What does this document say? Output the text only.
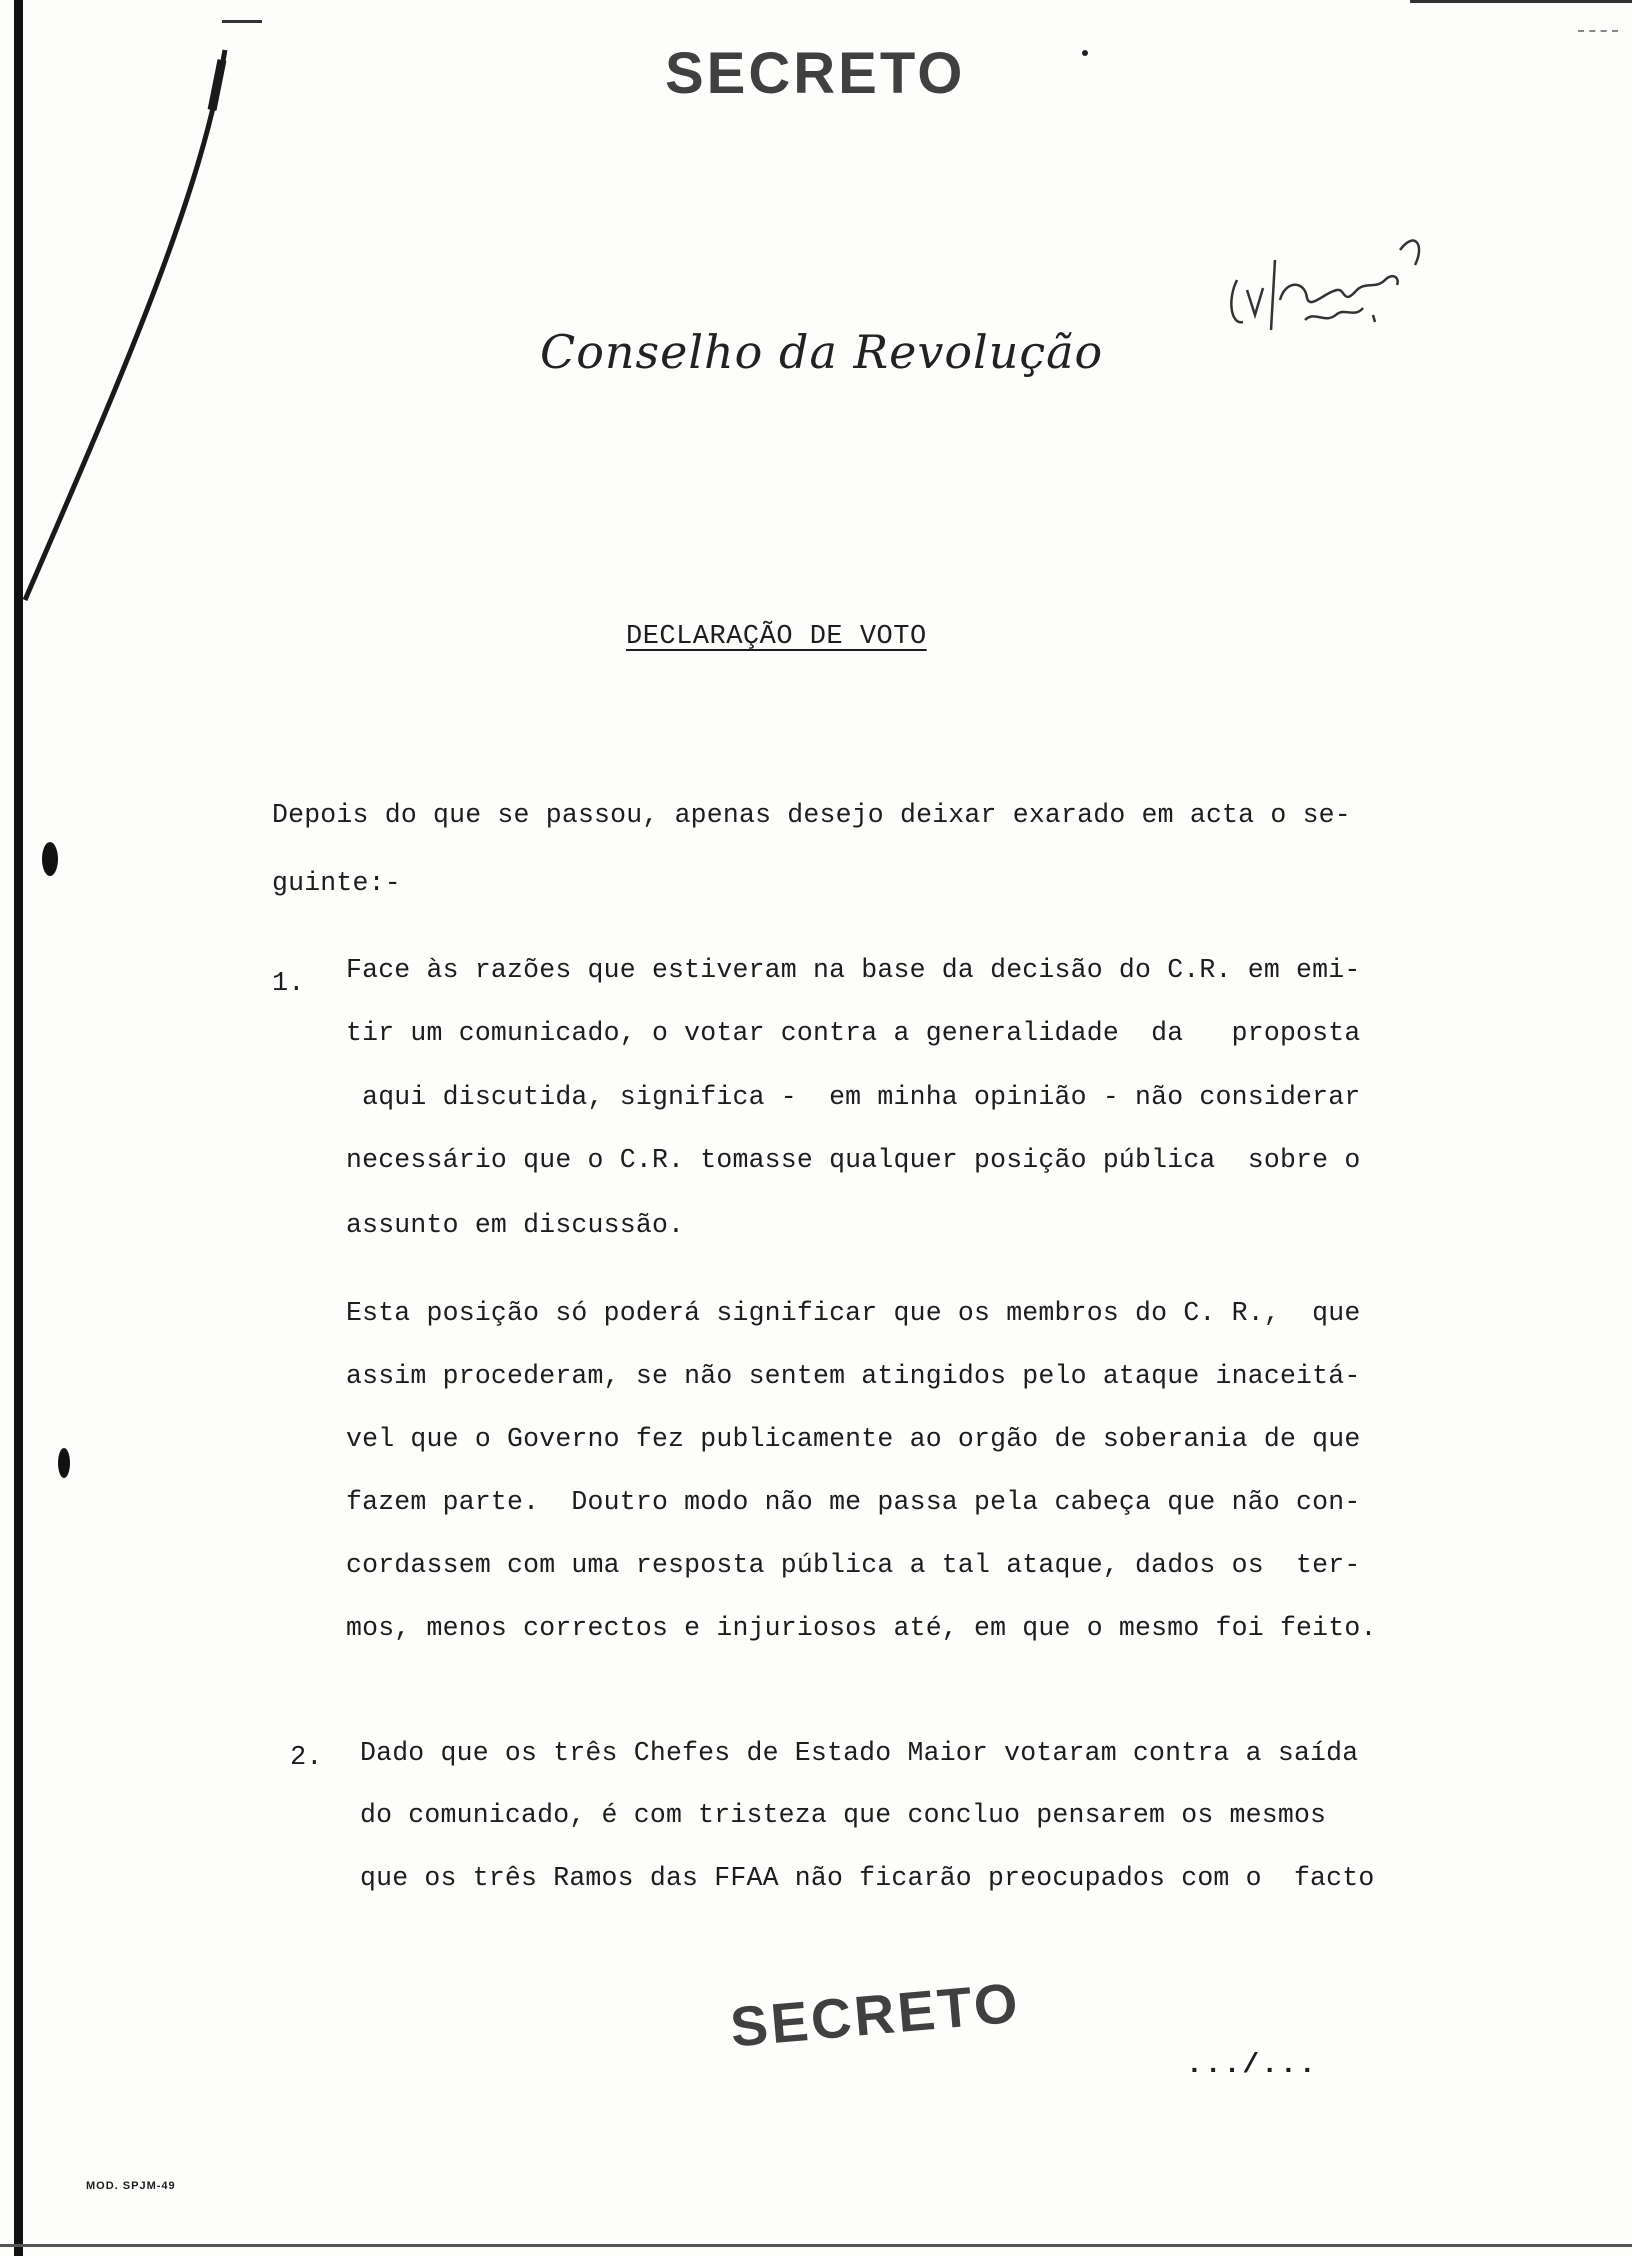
SECRETO
Conselho da Revolução
DECLARAÇÃO DE VOTO
Depois do que se passou, apenas desejo deixar exarado em acta o se-
guinte:-
1. Face às razões que estiveram na base da decisão do C.R. em emi-
tir um comunicado, o votar contra a generalidade  da   proposta
aqui discutida, significa -  em minha opinião - não considerar
necessário que o C.R. tomasse qualquer posição pública  sobre o
assunto em discussão.
Esta posição só poderá significar que os membros do C. R.,  que
assim procederam, se não sentem atingidos pelo ataque inaceitá-
vel que o Governo fez publicamente ao orgão de soberania de que
fazem parte.  Doutro modo não me passa pela cabeça que não con-
cordassem com uma resposta pública a tal ataque, dados os  ter-
mos, menos correctos e injuriosos até, em que o mesmo foi feito.
2. Dado que os três Chefes de Estado Maior votaram contra a saída
do comunicado, é com tristeza que concluo pensarem os mesmos
que os três Ramos das FFAA não ficarão preocupados com o  facto
SECRETO
.../...
MOD. SPJM-49
